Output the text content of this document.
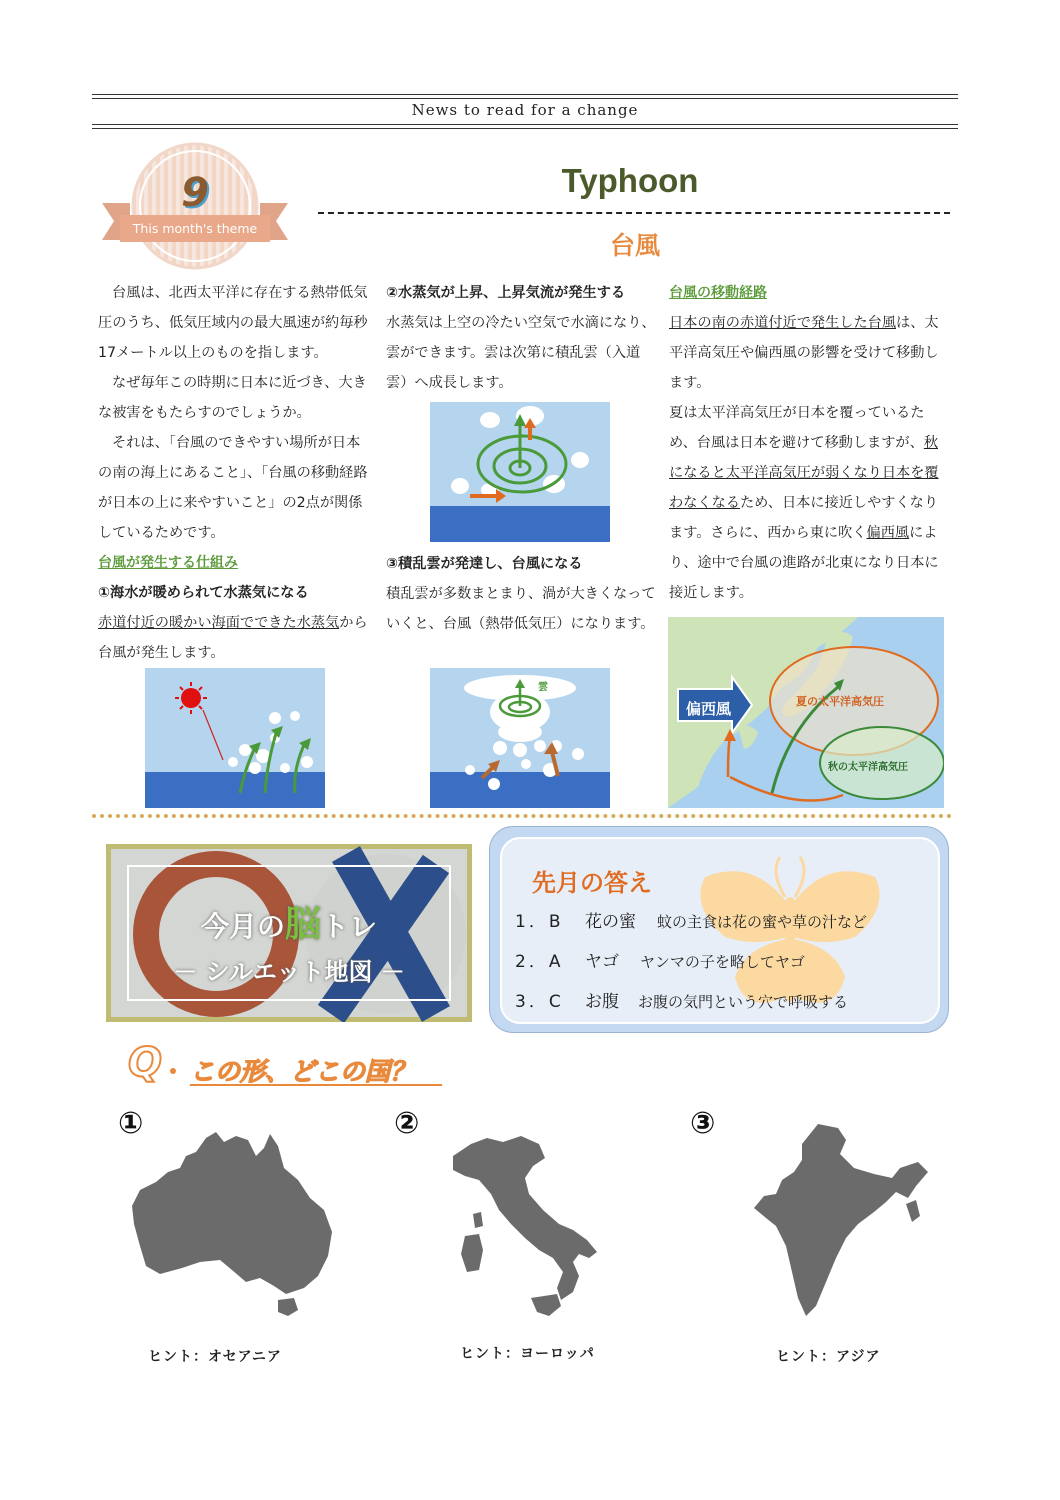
News to read for a change
9
This month's theme
Typhoon
台風

台風は、北西太平洋に存在する熱帯低気圧のうち、低気圧域内の最大風速が約毎秒17メートル以上のものを指します。

なぜ毎年この時期に日本に近づき、大きな被害をもたらすのでしょうか。

それは、「台風のできやすい場所が日本の南の海上にあること」、「台風の移動経路が日本の上に来やすいこと」の2点が関係しているためです。

台風が発生する仕組み

①海水が暖められて水蒸気になる

赤道付近の暖かい海面でできた水蒸気から台風が発生します。

②水蒸気が上昇、上昇気流が発生する

水蒸気は上空の冷たい空気で水滴になり、雲ができます。雲は次第に積乱雲（入道雲）へ成長します。

③積乱雲が発達し、台風になる

積乱雲が多数まとまり、渦が大きくなっていくと、台風（熱帯低気圧）になります。

雲

台風の移動経路

日本の南の赤道付近で発生した台風は、太平洋高気圧や偏西風の影響を受けて移動します。

夏は太平洋高気圧が日本を覆っているため、台風は日本を避けて移動しますが、秋になると太平洋高気圧が弱くなり日本を覆わなくなるため、日本に接近しやすくなります。さらに、西から東に吹く偏西風により、途中で台風の進路が北東になり日本に接近します。

偏西風	夏の太平洋高気圧
秋の太平洋高気圧
今月の脳トレ
－ シルエット地図 －
先月の答え
1．B	花の蜜	蚊の主食は花の蜜や草の汁など
2．A	ヤゴ	ヤンマの子を略してヤゴ
3．C	お腹	お腹の気門という穴で呼吸する
Q この形、どこの国？
①	②	③
ヒント：オセアニア	ヒント：ヨーロッパ	ヒント：アジア
